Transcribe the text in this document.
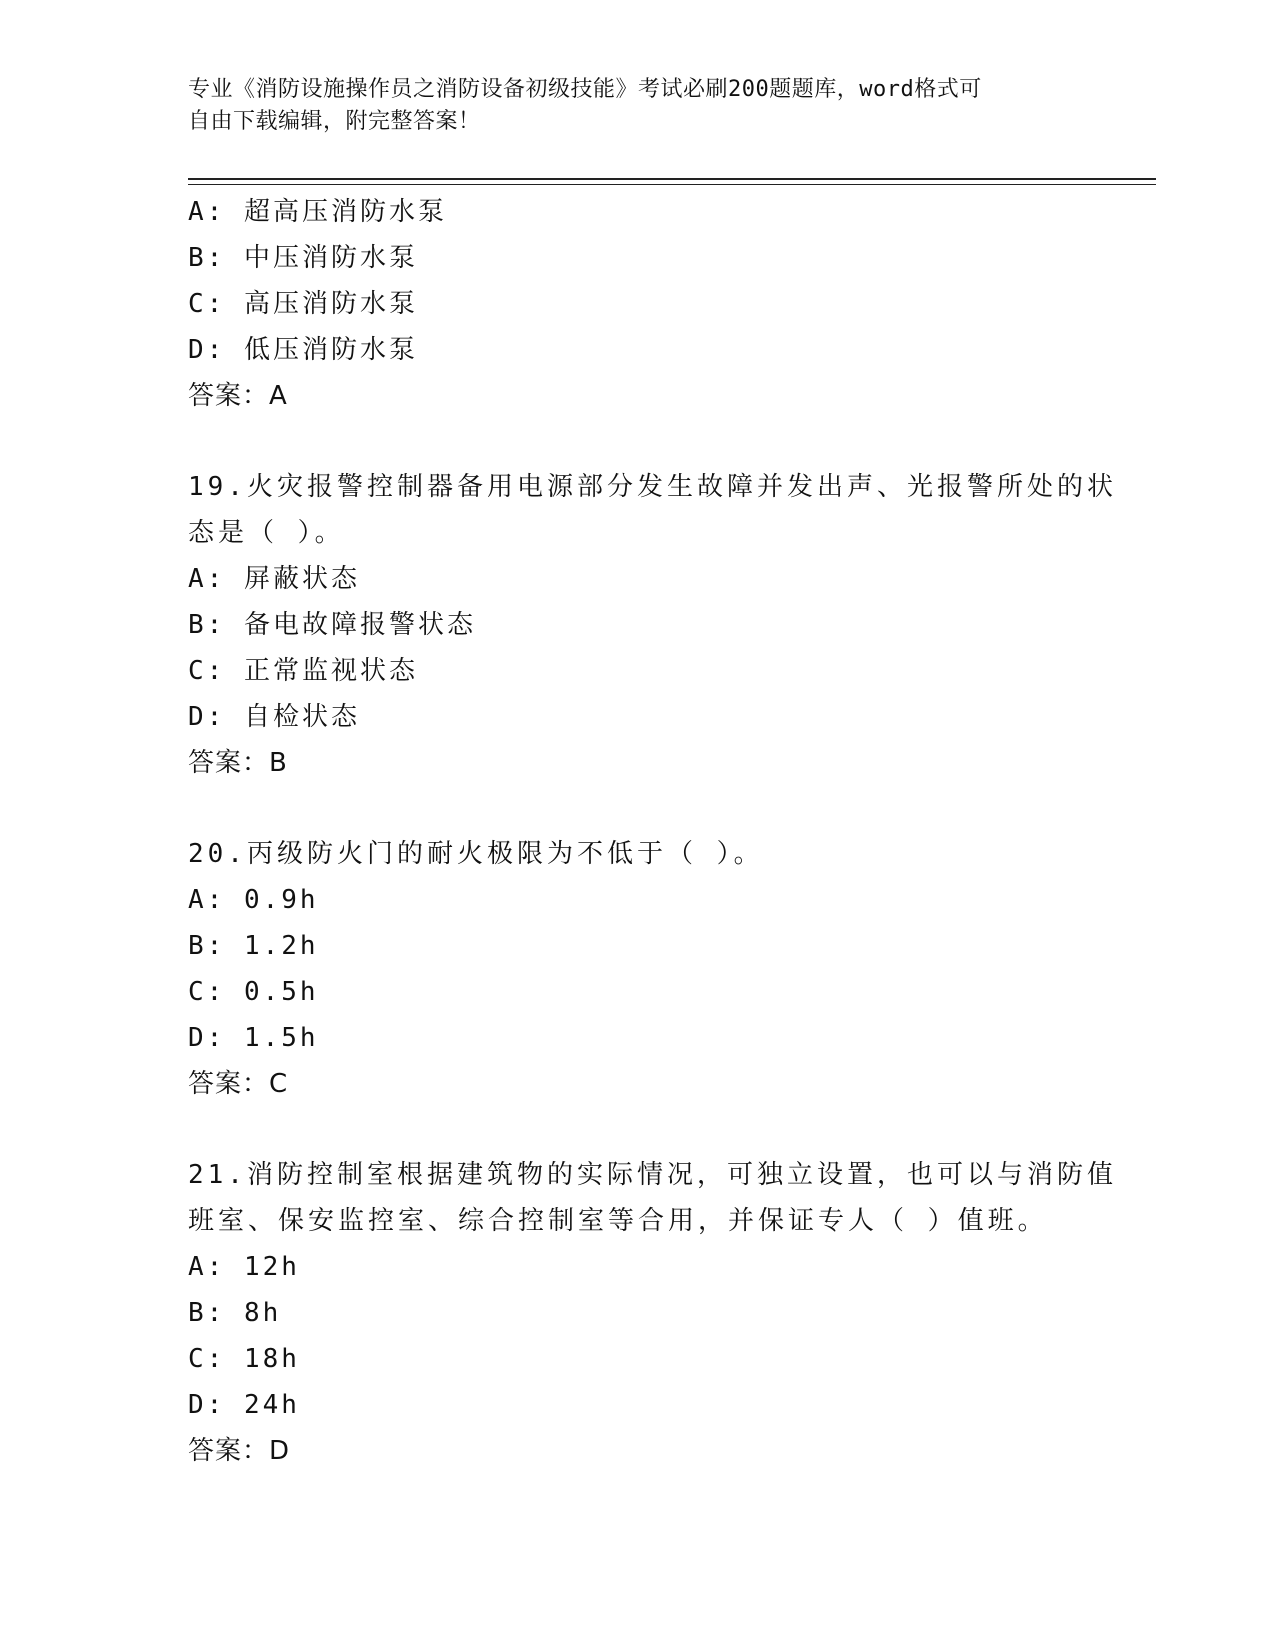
专业《消防设施操作员之消防设备初级技能》考试必刷200题题库，word格式可
自由下载编辑，附完整答案！
A: 超高压消防水泵
B: 中压消防水泵
C: 高压消防水泵
D: 低压消防水泵
答案：A
19.火灾报警控制器备用电源部分发生故障并发出声、光报警所处的状
态是（ ）。
A: 屏蔽状态
B: 备电故障报警状态
C: 正常监视状态
D: 自检状态
答案：B
20.丙级防火门的耐火极限为不低于（ ）。
A: 0.9h
B: 1.2h
C: 0.5h
D: 1.5h
答案：C
21.消防控制室根据建筑物的实际情况，可独立设置，也可以与消防值
班室、保安监控室、综合控制室等合用，并保证专人（ ）值班。
A: 12h
B: 8h
C: 18h
D: 24h
答案：D
